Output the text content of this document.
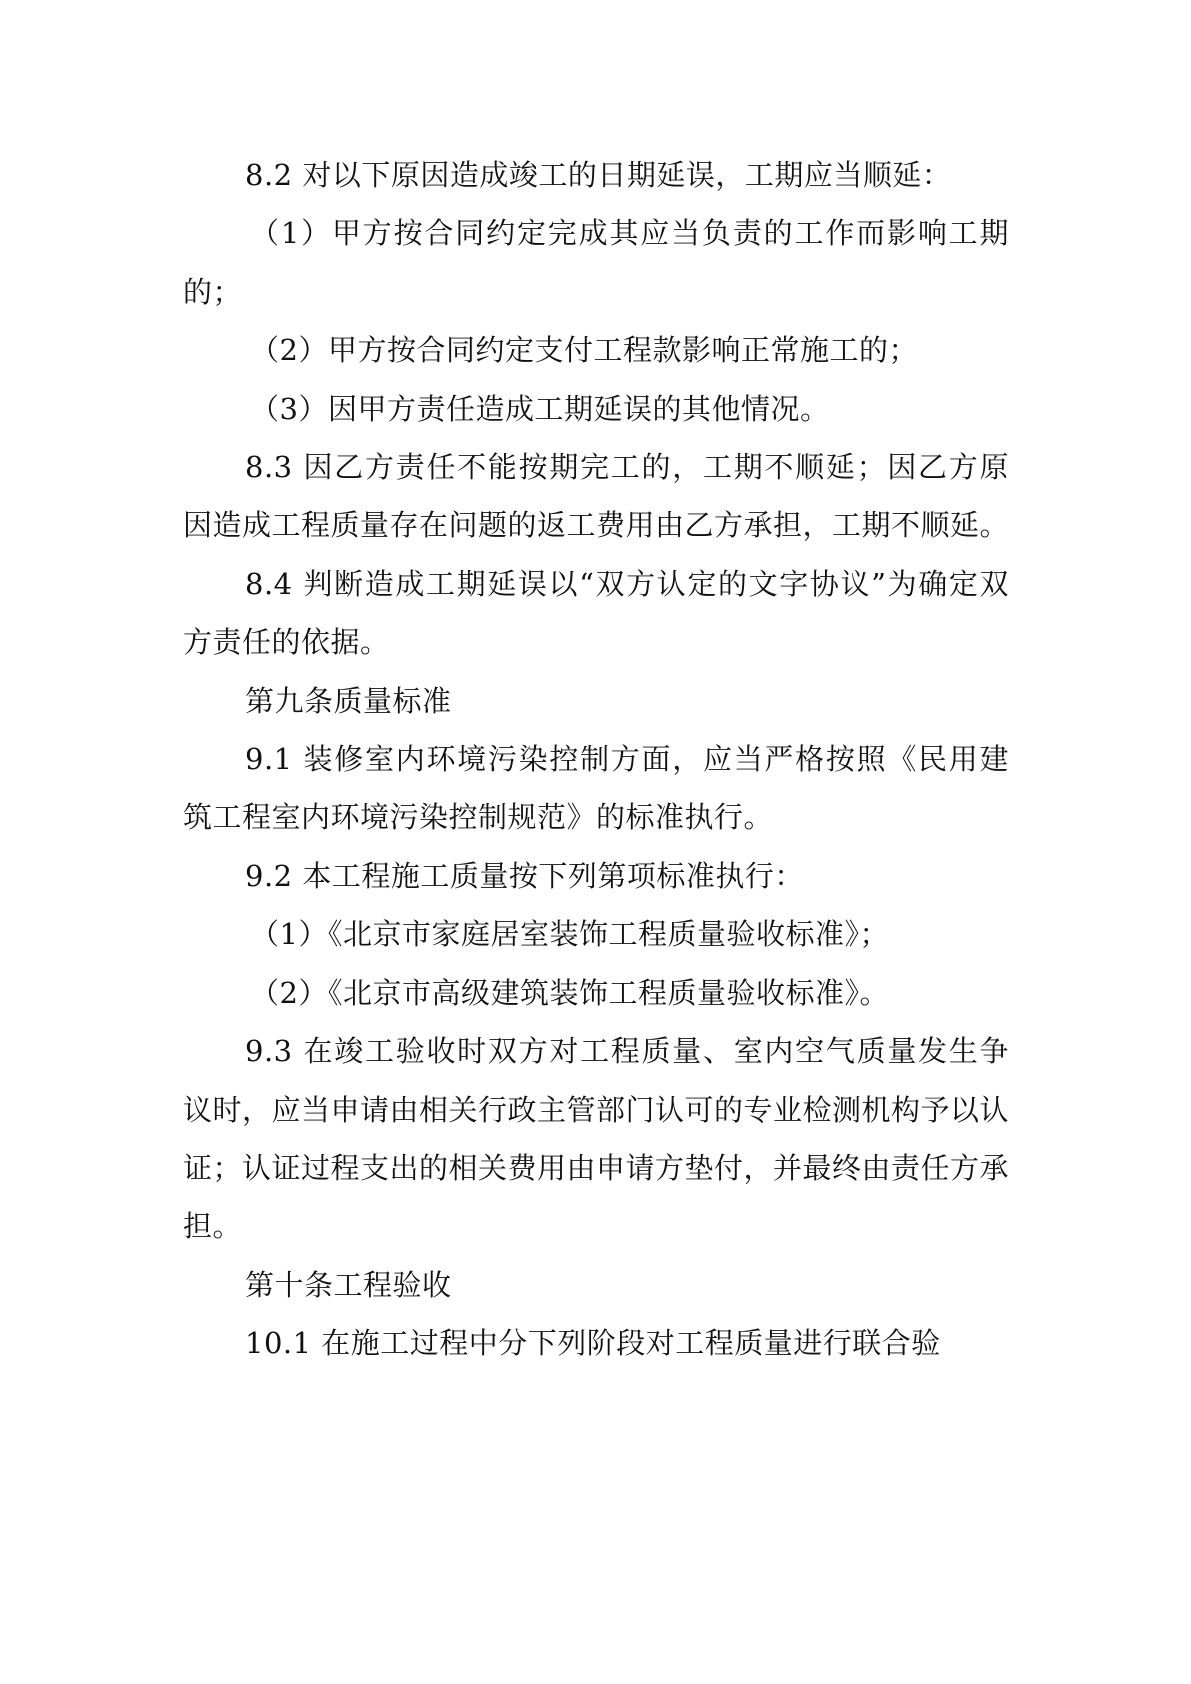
8.2 对以下原因造成竣工的日期延误，工期应当顺延：

（1）甲方按合同约定完成其应当负责的工作而影响工期的；

（2）甲方按合同约定支付工程款影响正常施工的；

（3）因甲方责任造成工期延误的其他情况。

8.3 因乙方责任不能按期完工的，工期不顺延；因乙方原因造成工程质量存在问题的返工费用由乙方承担，工期不顺延。

8.4 判断造成工期延误以“双方认定的文字协议”为确定双方责任的依据。

第九条质量标准

9.1 装修室内环境污染控制方面，应当严格按照《民用建筑工程室内环境污染控制规范》的标准执行。

9.2 本工程施工质量按下列第项标准执行：

（1）《北京市家庭居室装饰工程质量验收标准》；

（2）《北京市高级建筑装饰工程质量验收标准》。

9.3 在竣工验收时双方对工程质量、室内空气质量发生争议时，应当申请由相关行政主管部门认可的专业检测机构予以认证；认证过程支出的相关费用由申请方垫付，并最终由责任方承担。

第十条工程验收

10.1 在施工过程中分下列阶段对工程质量进行联合验
